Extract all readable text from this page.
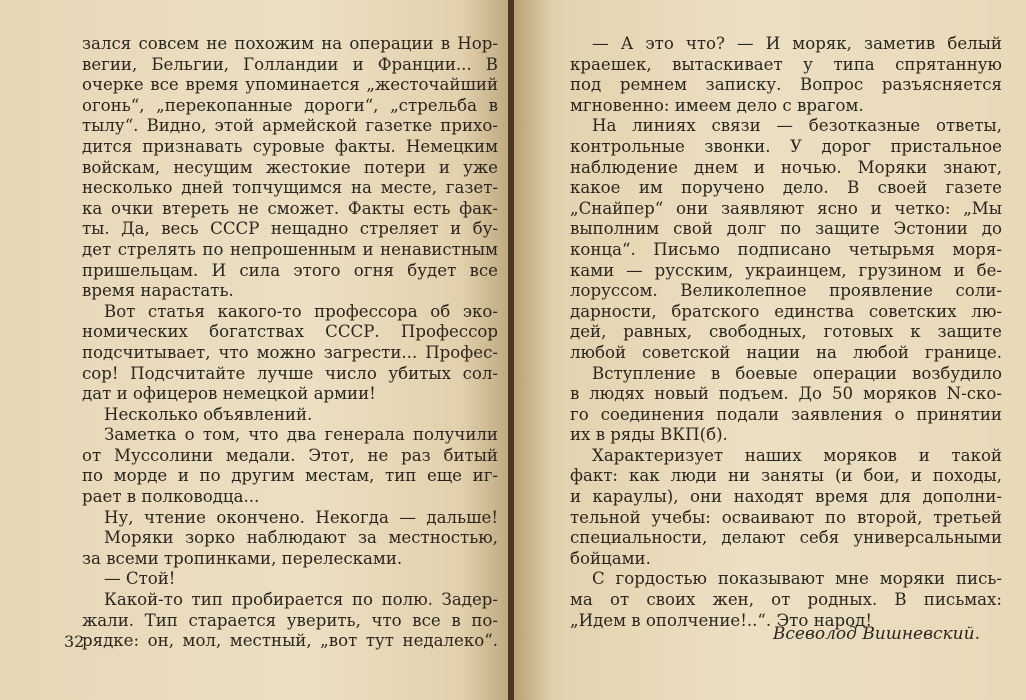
зался совсем не похожим на операции в Нор-
вегии, Бельгии, Голландии и Франции... В
очерке все время упоминается „жесточайший
огонь“, „перекопанные дороги“, „стрельба в
тылу“. Видно, этой армейской газетке прихо-
дится признавать суровые факты. Немецким
войскам, несущим жестокие потери и уже
несколько дней топчущимся на месте, газет-
ка очки втереть не сможет. Факты есть фак-
ты. Да, весь СССР нещадно стреляет и бу-
дет стрелять по непрошенным и ненавистным
пришельцам. И сила этого огня будет все
время нарастать.
Вот статья какого-то профессора об эко-
номических богатствах СССР. Профессор
подсчитывает, что можно загрести... Профес-
сор! Подсчитайте лучше число убитых сол-
дат и офицеров немецкой армии!
Несколько объявлений.
Заметка о том, что два генерала получили
от Муссолини медали. Этот, не раз битый
по морде и по другим местам, тип еще иг-
рает в полководца...
Ну, чтение окончено. Некогда — дальше!
Моряки зорко наблюдают за местностью,
за всеми тропинками, перелесками.
— Стой!
Какой-то тип пробирается по полю. Задер-
жали. Тип старается уверить, что все в по-
рядке: он, мол, местный, „вот тут недалеко“.
32
— А это что? — И моряк, заметив белый
краешек, вытаскивает у типа спрятанную
под ремнем записку. Вопрос разъясняется
мгновенно: имеем дело с врагом.
На линиях связи — безотказные ответы,
контрольные звонки. У дорог пристальное
наблюдение днем и ночью. Моряки знают,
какое им поручено дело. В своей газете
„Снайпер“ они заявляют ясно и четко: „Мы
выполним свой долг по защите Эстонии до
конца“. Письмо подписано четырьмя моря-
ками — русским, украинцем, грузином и бе-
лоруссом. Великолепное проявление соли-
дарности, братского единства советских лю-
дей, равных, свободных, готовых к защите
любой советской нации на любой границе.
Вступление в боевые операции возбудило
в людях новый подъем. До 50 моряков N-ско-
го соединения подали заявления о принятии
их в ряды ВКП(б).
Характеризует наших моряков и такой
факт: как люди ни заняты (и бои, и походы,
и караулы), они находят время для дополни-
тельной учебы: осваивают по второй, третьей
специальности, делают себя универсальными
бойцами.
С гордостью показывают мне моряки пись-
ма от своих жен, от родных. В письмах:
„Идем в ополчение!..“. Это народ!
Всеволод Вишневский.
